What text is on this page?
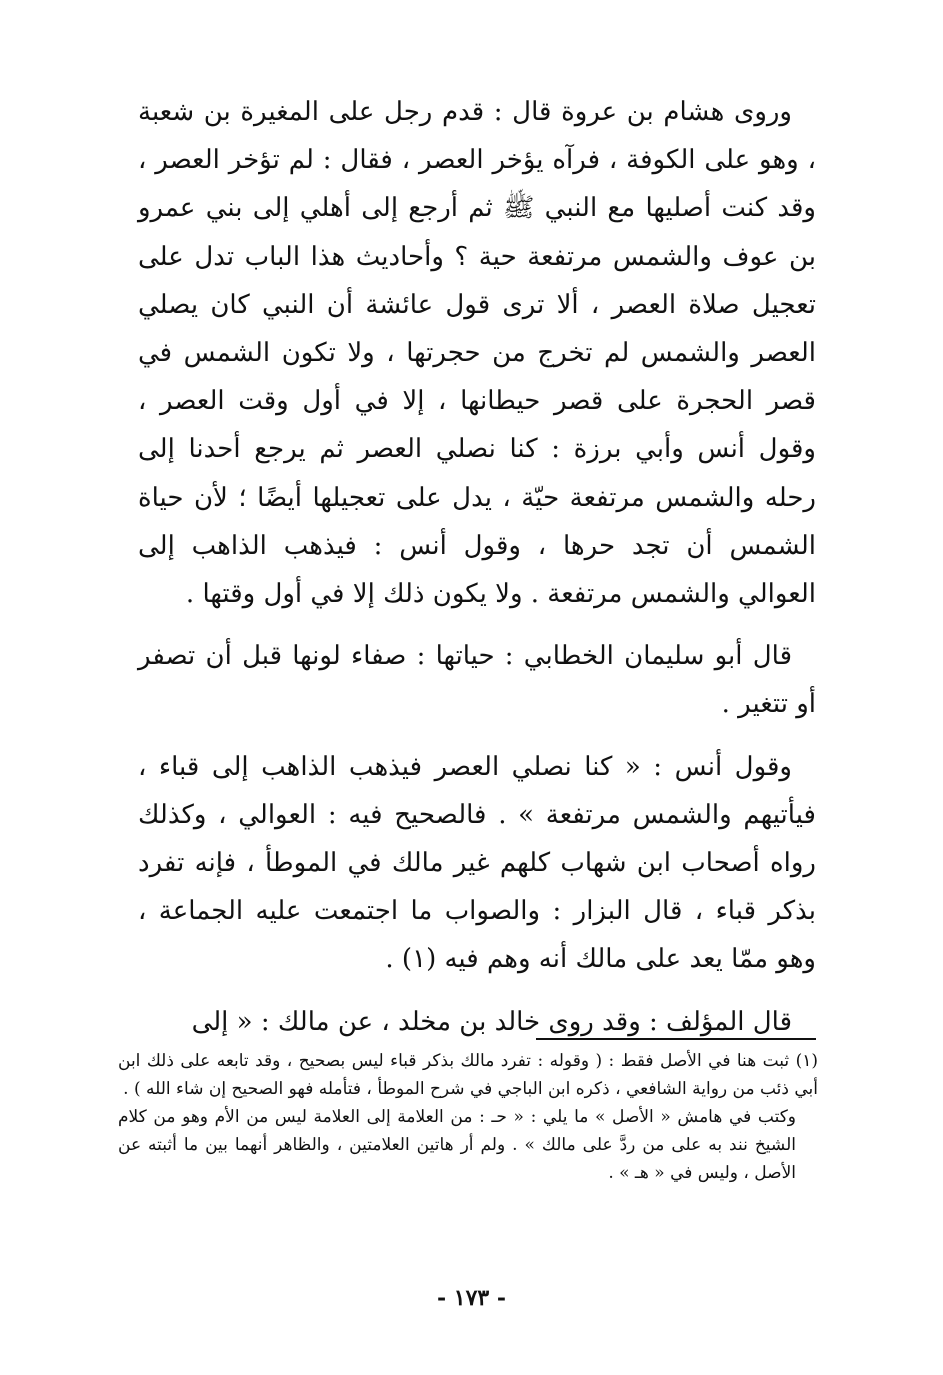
وروى هشام بن عروة قال : قدم رجل على المغيرة بن شعبة ، وهو على الكوفة ، فرآه يؤخر العصر ، فقال : لم تؤخر العصر ، وقد كنت أصليها مع النبي ﷺ ثم أرجع إلى أهلي إلى بني عمرو بن عوف والشمس مرتفعة حية ؟ وأحاديث هذا الباب تدل على تعجيل صلاة العصر ، ألا ترى قول عائشة أن النبي كان يصلي العصر والشمس لم تخرج من حجرتها ، ولا تكون الشمس في قصر الحجرة على قصر حيطانها ، إلا في أول وقت العصر ، وقول أنس وأبي برزة : كنا نصلي العصر ثم يرجع أحدنا إلى رحله والشمس مرتفعة حيّة ، يدل على تعجيلها أيضًا ؛ لأن حياة الشمس أن تجد حرها ، وقول أنس : فيذهب الذاهب إلى العوالي والشمس مرتفعة . ولا يكون ذلك إلا في أول وقتها .

قال أبو سليمان الخطابي : حياتها : صفاء لونها قبل أن تصفر أو تتغير .

وقول أنس : « كنا نصلي العصر فيذهب الذاهب إلى قباء ، فيأتيهم والشمس مرتفعة » . فالصحيح فيه : العوالي ، وكذلك رواه أصحاب ابن شهاب كلهم غير مالك في الموطأ ، فإنه تفرد بذكر قباء ، قال البزار : والصواب ما اجتمعت عليه الجماعة ، وهو ممّا يعد على مالك أنه وهم فيه (١) .

قال المؤلف : وقد روى خالد بن مخلد ، عن مالك : « إلى

(١) ثبت هنا في الأصل فقط : ( وقوله : تفرد مالك بذكر قباء ليس بصحيح ، وقد تابعه على ذلك ابن أبي ذئب من رواية الشافعي ، ذكره ابن الباجي في شرح الموطأ ، فتأمله فهو الصحيح إن شاء الله ) .

وكتب في هامش « الأصل » ما يلي : « حـ : من العلامة إلى العلامة ليس من الأم وهو من كلام الشيخ نند به على من ردَّ على مالك » . ولم أر هاتين العلامتين ، والظاهر أنهما بين ما أثبته عن الأصل ، وليس في « هـ » .

- ١٧٣ -
